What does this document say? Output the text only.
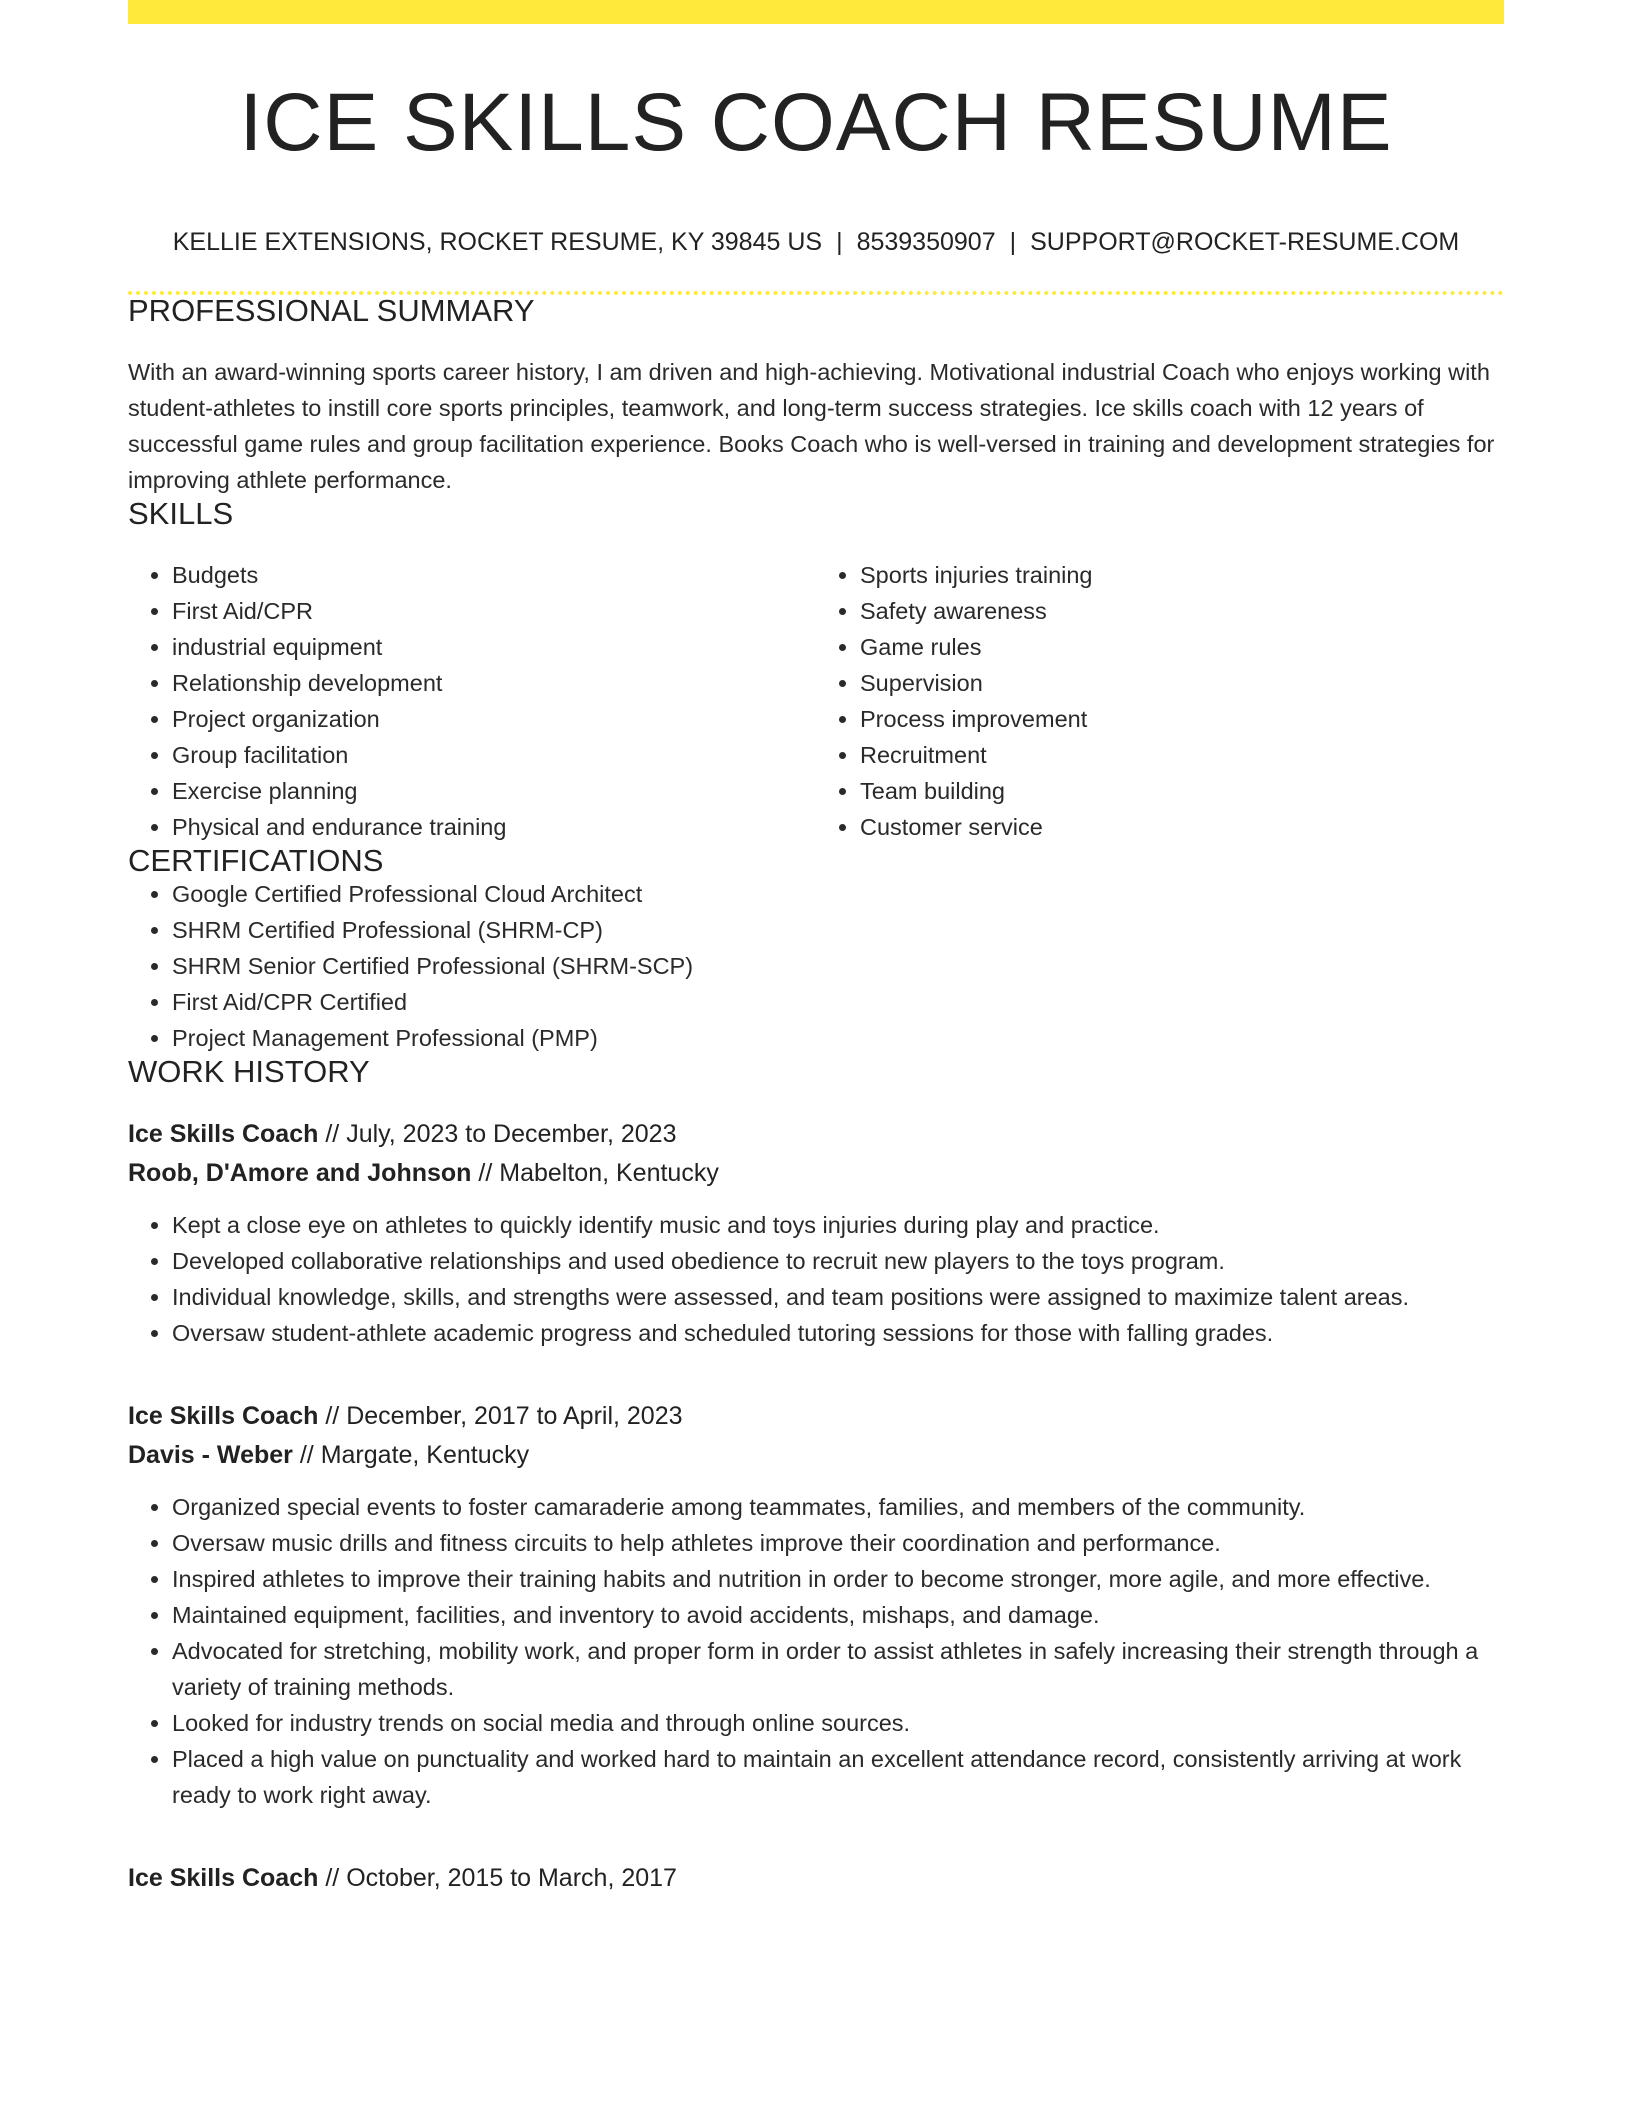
ICE SKILLS COACH RESUME
KELLIE EXTENSIONS, ROCKET RESUME, KY 39845 US | 8539350907 | SUPPORT@ROCKET-RESUME.COM
PROFESSIONAL SUMMARY

With an award-winning sports career history, I am driven and high-achieving. Motivational industrial Coach who enjoys working with student-athletes to instill core sports principles, teamwork, and long-term success strategies. Ice skills coach with 12 years of successful game rules and group facilitation experience. Books Coach who is well-versed in training and development strategies for improving athlete performance.

SKILLS
• Budgets
• First Aid/CPR
• industrial equipment
• Relationship development
• Project organization
• Group facilitation
• Exercise planning
• Physical and endurance training
• Sports injuries training
• Safety awareness
• Game rules
• Supervision
• Process improvement
• Recruitment
• Team building
• Customer service
CERTIFICATIONS
• Google Certified Professional Cloud Architect
• SHRM Certified Professional (SHRM-CP)
• SHRM Senior Certified Professional (SHRM-SCP)
• First Aid/CPR Certified
• Project Management Professional (PMP)
WORK HISTORY
Ice Skills Coach // July, 2023 to December, 2023
Roob, D'Amore and Johnson // Mabelton, Kentucky
• Kept a close eye on athletes to quickly identify music and toys injuries during play and practice.
• Developed collaborative relationships and used obedience to recruit new players to the toys program.
• Individual knowledge, skills, and strengths were assessed, and team positions were assigned to maximize talent areas.
• Oversaw student-athlete academic progress and scheduled tutoring sessions for those with falling grades.
Ice Skills Coach // December, 2017 to April, 2023
Davis - Weber // Margate, Kentucky
• Organized special events to foster camaraderie among teammates, families, and members of the community.
• Oversaw music drills and fitness circuits to help athletes improve their coordination and performance.
• Inspired athletes to improve their training habits and nutrition in order to become stronger, more agile, and more effective.
• Maintained equipment, facilities, and inventory to avoid accidents, mishaps, and damage.
• Advocated for stretching, mobility work, and proper form in order to assist athletes in safely increasing their strength through a variety of training methods.
• Looked for industry trends on social media and through online sources.
• Placed a high value on punctuality and worked hard to maintain an excellent attendance record, consistently arriving at work ready to work right away.
Ice Skills Coach // October, 2015 to March, 2017
